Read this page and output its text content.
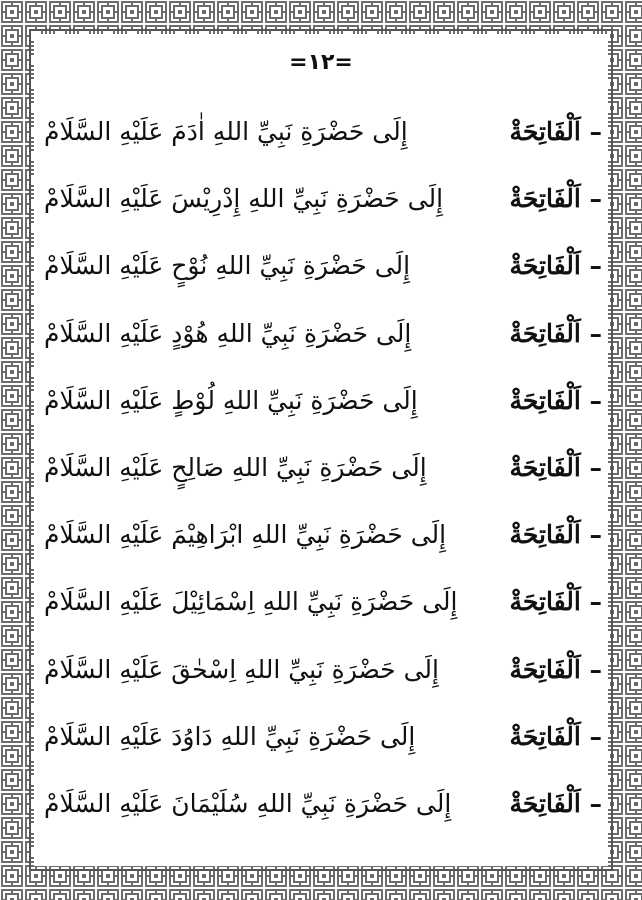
=١٢=
إِلَى حَضْرَةِ نَبِيِّ اللهِ اٰدَمَ عَلَيْهِ السَّلَامْ	– اَلْفَاتِحَةْ
إِلَى حَضْرَةِ نَبِيِّ اللهِ إِدْرِيْسَ عَلَيْهِ السَّلَامْ	– اَلْفَاتِحَةْ
إِلَى حَضْرَةِ نَبِيِّ اللهِ نُوْحٍ عَلَيْهِ السَّلَامْ	– اَلْفَاتِحَةْ
إِلَى حَضْرَةِ نَبِيِّ اللهِ هُوْدٍ عَلَيْهِ السَّلَامْ	– اَلْفَاتِحَةْ
إِلَى حَضْرَةِ نَبِيِّ اللهِ لُوْطٍ عَلَيْهِ السَّلَامْ	– اَلْفَاتِحَةْ
إِلَى حَضْرَةِ نَبِيِّ اللهِ صَالِحٍ عَلَيْهِ السَّلَامْ	– اَلْفَاتِحَةْ
إِلَى حَضْرَةِ نَبِيِّ اللهِ ابْرَاهِيْمَ عَلَيْهِ السَّلَامْ	– اَلْفَاتِحَةْ
إِلَى حَضْرَةِ نَبِيِّ اللهِ اِسْمَائِيْلَ عَلَيْهِ السَّلَامْ – اَلْفَاتِحَةْ
إِلَى حَضْرَةِ نَبِيِّ اللهِ اِسْحٰقَ عَلَيْهِ السَّلَامْ	– اَلْفَاتِحَةْ
إِلَى حَضْرَةِ نَبِيِّ اللهِ دَاوُدَ عَلَيْهِ السَّلَامْ	– اَلْفَاتِحَةْ
إِلَى حَضْرَةِ نَبِيِّ اللهِ سُلَيْمَانَ عَلَيْهِ السَّلَامْ – اَلْفَاتِحَةْ
